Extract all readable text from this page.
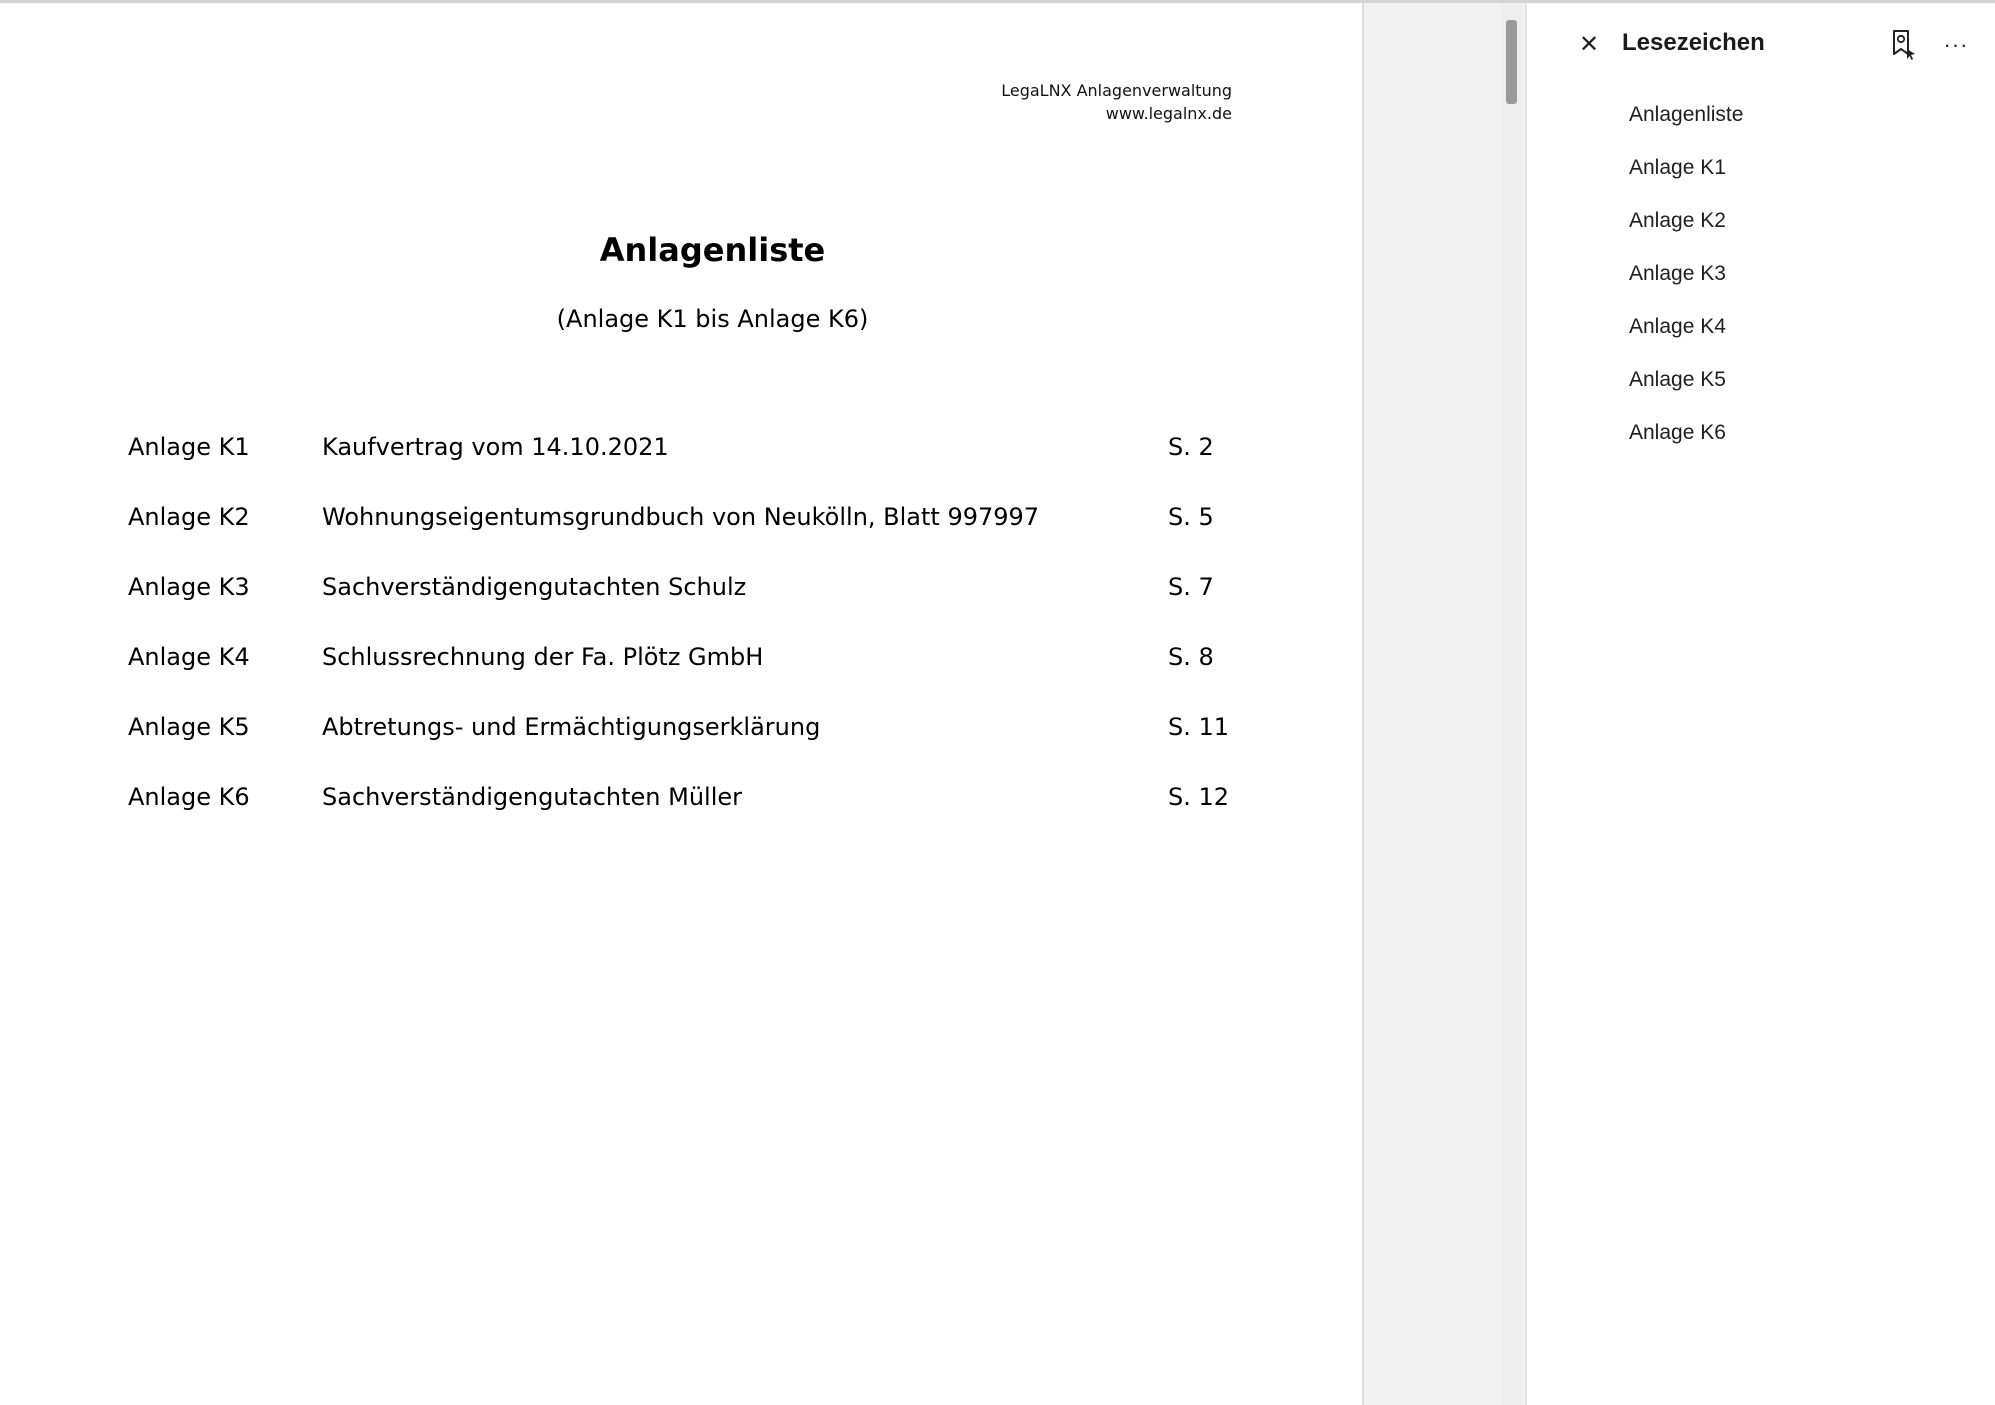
LegaLNX Anlagenverwaltung
www.legalnx.de
Anlagenliste
(Anlage K1 bis Anlage K6)
Anlage K1	Kaufvertrag vom 14.10.2021	S. 2
Anlage K2	Wohnungseigentumsgrundbuch von Neukölln, Blatt 997997	S. 5
Anlage K3	Sachverständigengutachten Schulz	S. 7
Anlage K4	Schlussrechnung der Fa. Plötz GmbH	S. 8
Anlage K5	Abtretungs- und Ermächtigungserklärung	S. 11
Anlage K6	Sachverständigengutachten Müller	S. 12
✕ Lesezeichen	···
Anlagenliste
Anlage K1
Anlage K2
Anlage K3
Anlage K4
Anlage K5
Anlage K6
